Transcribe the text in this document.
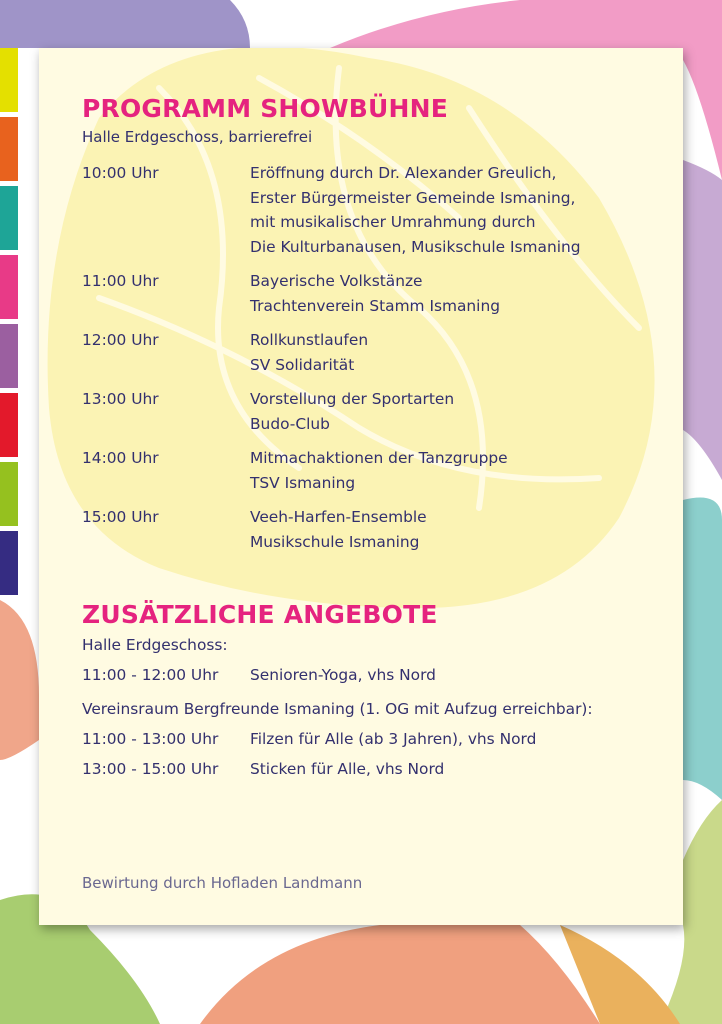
PROGRAMM SHOWBÜHNE
Halle Erdgeschoss, barrierefrei
10:00 Uhr	Eröffnung durch Dr. Alexander Greulich,
Erster Bürgermeister Gemeinde Ismaning,
mit musikalischer Umrahmung durch
Die Kulturbanausen, Musikschule Ismaning
11:00 Uhr	Bayerische Volkstänze
Trachtenverein Stamm Ismaning
12:00 Uhr	Rollkunstlaufen
SV Solidarität
13:00 Uhr	Vorstellung der Sportarten
Budo-Club
14:00 Uhr	Mitmachaktionen der Tanzgruppe
TSV Ismaning
15:00 Uhr	Veeh-Harfen-Ensemble
Musikschule Ismaning
ZUSÄTZLICHE ANGEBOTE
Halle Erdgeschoss:
11:00 - 12:00 Uhr	Senioren-Yoga, vhs Nord
Vereinsraum Bergfreunde Ismaning (1. OG mit Aufzug erreichbar):
11:00 - 13:00 Uhr	Filzen für Alle (ab 3 Jahren), vhs Nord
13:00 - 15:00 Uhr	Sticken für Alle, vhs Nord
Bewirtung durch Hofladen Landmann
